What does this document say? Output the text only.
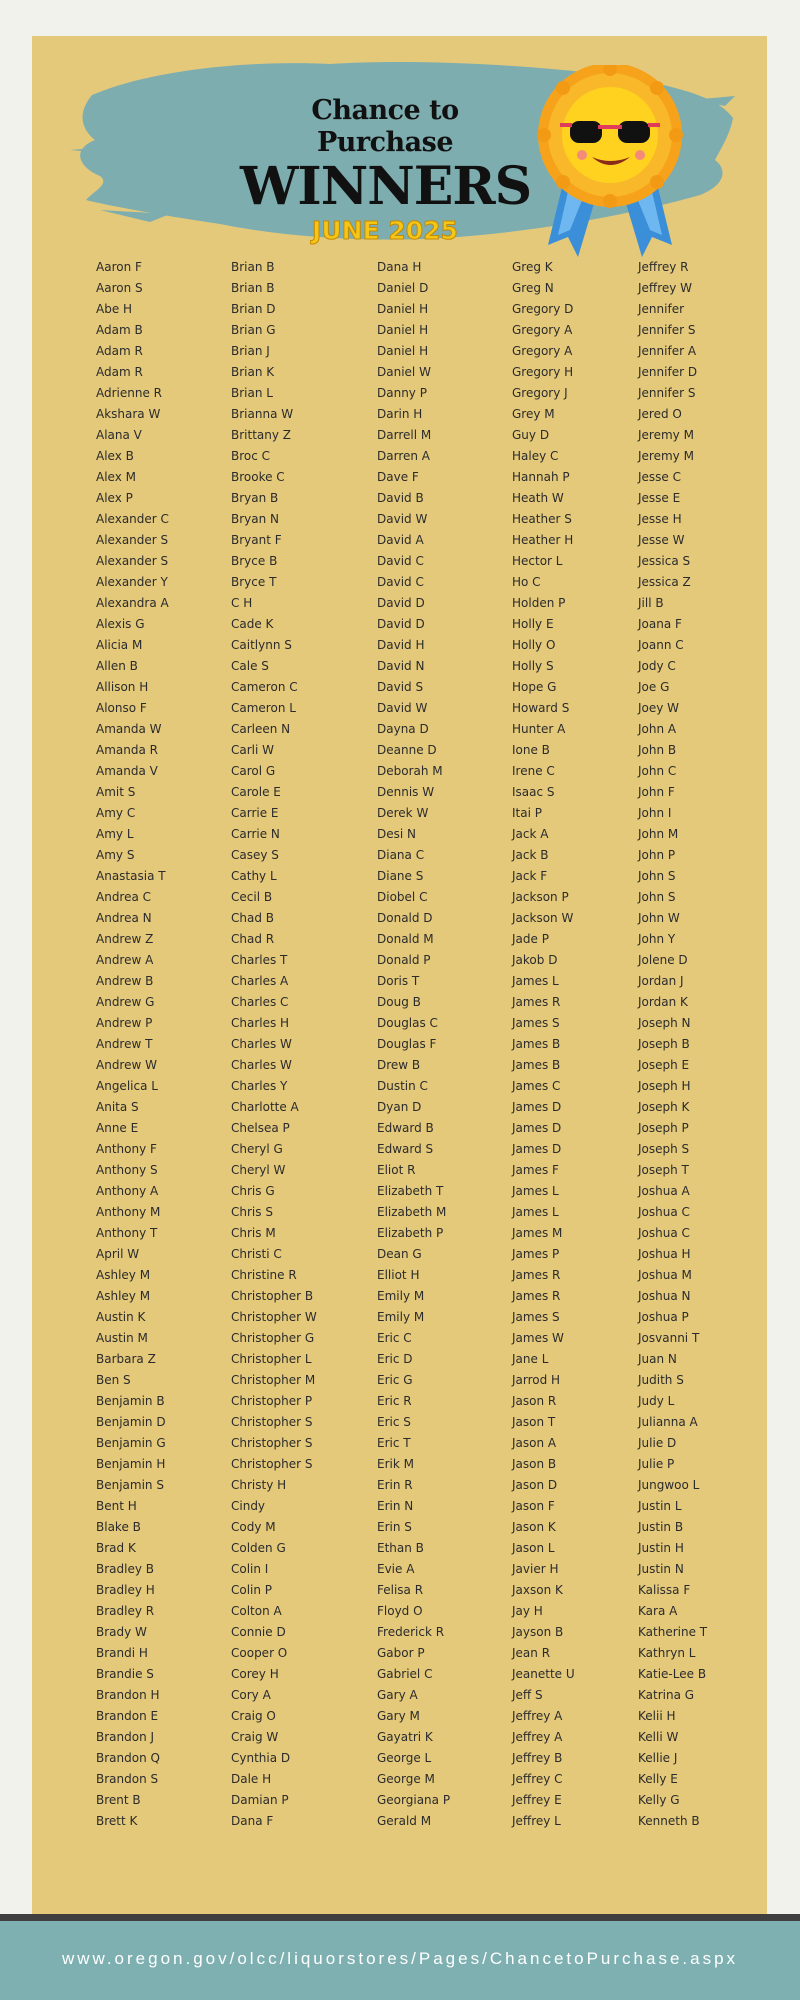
Chance to Purchase
WINNERS
JUNE 2025
Aaron F
Aaron S
Abe H
Adam B
Adam R
Adam R
Adrienne R
Akshara W
Alana V
Alex B
Alex M
Alex P
Alexander C
Alexander S
Alexander S
Alexander Y
Alexandra A
Alexis G
Alicia M
Allen B
Allison H
Alonso F
Amanda W
Amanda R
Amanda V
Amit S
Amy C
Amy L
Amy S
Anastasia T
Andrea C
Andrea N
Andrew Z
Andrew A
Andrew B
Andrew G
Andrew P
Andrew T
Andrew W
Angelica L
Anita S
Anne E
Anthony F
Anthony S
Anthony A
Anthony M
Anthony T
April W
Ashley M
Ashley M
Austin K
Austin M
Barbara Z
Ben S
Benjamin B
Benjamin D
Benjamin G
Benjamin H
Benjamin S
Bent H
Blake B
Brad K
Bradley B
Bradley H
Bradley R
Brady W
Brandi H
Brandie S
Brandon H
Brandon E
Brandon J
Brandon Q
Brandon S
Brent B
Brett K
Brian B
Brian B
Brian D
Brian G
Brian J
Brian K
Brian L
Brianna W
Brittany Z
Broc C
Brooke C
Bryan B
Bryan N
Bryant F
Bryce B
Bryce T
C H
Cade K
Caitlynn S
Cale S
Cameron C
Cameron L
Carleen N
Carli W
Carol G
Carole E
Carrie E
Carrie N
Casey S
Cathy L
Cecil B
Chad B
Chad R
Charles T
Charles A
Charles C
Charles H
Charles W
Charles W
Charles Y
Charlotte A
Chelsea P
Cheryl G
Cheryl W
Chris G
Chris S
Chris M
Christi C
Christine R
Christopher B
Christopher W
Christopher G
Christopher L
Christopher M
Christopher P
Christopher S
Christopher S
Christopher S
Christy H
Cindy
Cody M
Colden G
Colin I
Colin P
Colton A
Connie D
Cooper O
Corey H
Cory A
Craig O
Craig W
Cynthia D
Dale H
Damian P
Dana F
Dana H
Daniel D
Daniel H
Daniel H
Daniel H
Daniel W
Danny P
Darin H
Darrell M
Darren A
Dave F
David B
David W
David A
David C
David C
David D
David D
David H
David N
David S
David W
Dayna D
Deanne D
Deborah M
Dennis W
Derek W
Desi N
Diana C
Diane S
Diobel C
Donald D
Donald M
Donald P
Doris T
Doug B
Douglas C
Douglas F
Drew B
Dustin C
Dyan D
Edward B
Edward S
Eliot R
Elizabeth T
Elizabeth M
Elizabeth P
Dean G
Elliot H
Emily M
Emily M
Eric C
Eric D
Eric G
Eric R
Eric S
Eric T
Erik M
Erin R
Erin N
Erin S
Ethan B
Evie A
Felisa R
Floyd O
Frederick R
Gabor P
Gabriel C
Gary A
Gary M
Gayatri K
George L
George M
Georgiana P
Gerald M
Greg K
Greg N
Gregory D
Gregory A
Gregory A
Gregory H
Gregory J
Grey M
Guy D
Haley C
Hannah P
Heath W
Heather S
Heather H
Hector L
Ho C
Holden P
Holly E
Holly O
Holly S
Hope G
Howard S
Hunter A
Ione B
Irene C
Isaac S
Itai P
Jack A
Jack B
Jack F
Jackson P
Jackson W
Jade P
Jakob D
James L
James R
James S
James B
James B
James C
James D
James D
James D
James F
James L
James L
James M
James P
James R
James R
James S
James W
Jane L
Jarrod H
Jason R
Jason T
Jason A
Jason B
Jason D
Jason F
Jason K
Jason L
Javier H
Jaxson K
Jay H
Jayson B
Jean R
Jeanette U
Jeff S
Jeffrey A
Jeffrey A
Jeffrey B
Jeffrey C
Jeffrey E
Jeffrey L
Jeffrey R
Jeffrey W
Jennifer
Jennifer S
Jennifer A
Jennifer D
Jennifer S
Jered O
Jeremy M
Jeremy M
Jesse C
Jesse E
Jesse H
Jesse W
Jessica S
Jessica Z
Jill B
Joana F
Joann C
Jody C
Joe G
Joey W
John A
John B
John C
John F
John I
John M
John P
John S
John S
John W
John Y
Jolene D
Jordan J
Jordan K
Joseph N
Joseph B
Joseph E
Joseph H
Joseph K
Joseph P
Joseph S
Joseph T
Joshua A
Joshua C
Joshua C
Joshua H
Joshua M
Joshua N
Joshua P
Josvanni T
Juan N
Judith S
Judy L
Julianna A
Julie D
Julie P
Jungwoo L
Justin L
Justin B
Justin H
Justin N
Kalissa F
Kara A
Katherine T
Kathryn L
Katie-Lee B
Katrina G
Kelii H
Kelli W
Kellie J
Kelly E
Kelly G
Kenneth B
www.oregon.gov/olcc/liquorstores/Pages/ChancetoPurchase.aspx
